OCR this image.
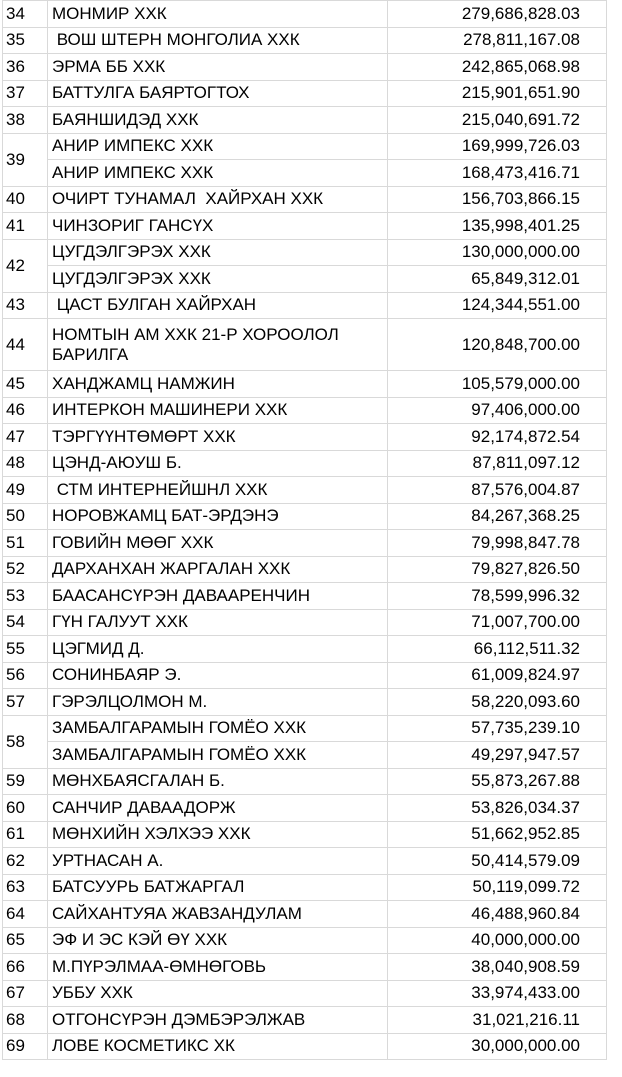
34	МОНМИР ХХК	279,686,828.03
35	ВОШ ШТЕРН МОНГОЛИА ХХК	278,811,167.08
36	ЭРМА ББ ХХК	242,865,068.98
37	БАТТУЛГА БАЯРТОГТОХ	215,901,651.90
38	БАЯНШИДЭД ХХК	215,040,691.72
39	АНИР ИМПЕКС ХХК	169,999,726.03
	АНИР ИМПЕКС ХХК	168,473,416.71
40	ОЧИРТ ТУНАМАЛ  ХАЙРХАН ХХК	156,703,866.15
41	ЧИНЗОРИГ ГАНСҮХ	135,998,401.25
42	ЦУГДЭЛГЭРЭХ ХХК	130,000,000.00
	ЦУГДЭЛГЭРЭХ ХХК	65,849,312.01
43	ЦАСТ БУЛГАН ХАЙРХАН	124,344,551.00
44	НОМТЫН АМ ХХК 21-Р ХОРООЛОЛ БАРИЛГА	120,848,700.00
45	ХАНДЖАМЦ НАМЖИН	105,579,000.00
46	ИНТЕРКОН МАШИНЕРИ ХХК	97,406,000.00
47	ТЭРГҮҮНТӨМӨРТ ХХК	92,174,872.54
48	ЦЭНД-АЮУШ Б.	87,811,097.12
49	СТМ ИНТЕРНЕЙШНЛ ХХК	87,576,004.87
50	НОРОВЖАМЦ БАТ-ЭРДЭНЭ	84,267,368.25
51	ГОВИЙН МӨӨГ ХХК	79,998,847.78
52	ДАРХАНХАН ЖАРГАЛАН ХХК	79,827,826.50
53	БААСАНСҮРЭН ДАВААРЕНЧИН	78,599,996.32
54	ГҮН ГАЛУУТ ХХК	71,007,700.00
55	ЦЭГМИД Д.	66,112,511.32
56	СОНИНБАЯР Э.	61,009,824.97
57	ГЭРЭЛЦОЛМОН М.	58,220,093.60
58	ЗАМБАЛГАРАМЫН ГОМЁО ХХК	57,735,239.10
	ЗАМБАЛГАРАМЫН ГОМЁО ХХК	49,297,947.57
59	МӨНХБАЯСГАЛАН Б.	55,873,267.88
60	САНЧИР ДАВААДОРЖ	53,826,034.37
61	МӨНХИЙН ХЭЛХЭЭ ХХК	51,662,952.85
62	УРТНАСАН А.	50,414,579.09
63	БАТСУУРЬ БАТЖАРГАЛ	50,119,099.72
64	САЙХАНТУЯА ЖАВЗАНДУЛАМ	46,488,960.84
65	ЭФ И ЭС КЭЙ ӨҮ ХХК	40,000,000.00
66	М.ПҮРЭЛМАА-ӨМНӨГОВЬ	38,040,908.59
67	УББУ ХХК	33,974,433.00
68	ОТГОНСҮРЭН ДЭМБЭРЭЛЖАВ	31,021,216.11
69	ЛОВЕ КОСМЕТИКС ХК	30,000,000.00
